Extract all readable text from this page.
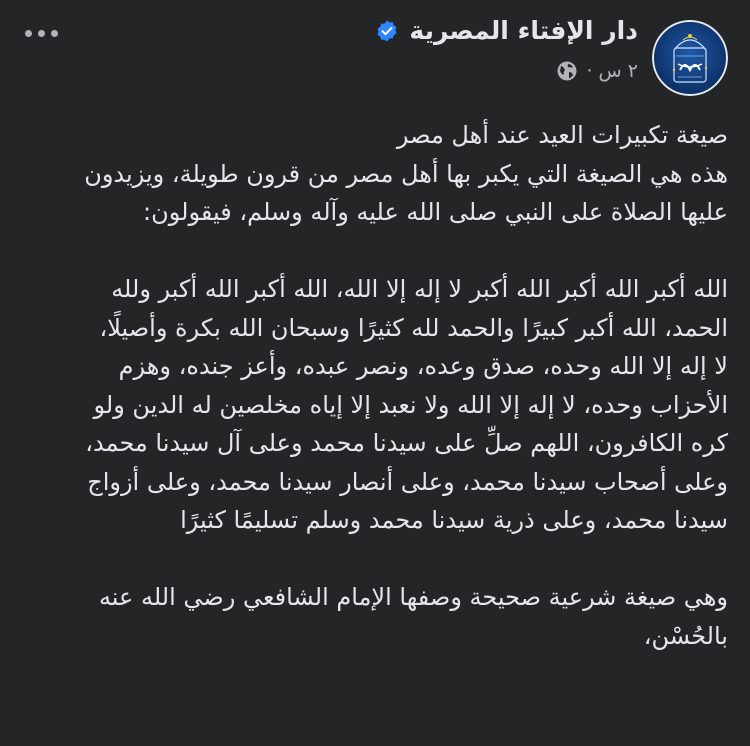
دار الإفتاء المصرية
٢ س ·

صيغة تكبيرات العيد عند أهل مصر

هذه هي الصيغة التي يكبر بها أهل مصر من قرون طويلة، ويزيدون

عليها الصلاة على النبي صلى الله عليه وآله وسلم، فيقولون:

الله أكبر الله أكبر الله أكبر لا إله إلا الله، الله أكبر الله أكبر ولله

الحمد، الله أكبر كبيرًا والحمد لله كثيرًا وسبحان الله بكرة وأصيلًا،

لا إله إلا الله وحده، صدق وعده، ونصر عبده، وأعز جنده، وهزم

الأحزاب وحده، لا إله إلا الله ولا نعبد إلا إياه مخلصين له الدين ولو

كره الكافرون، اللهم صلِّ على سيدنا محمد وعلى آل سيدنا محمد،

وعلى أصحاب سيدنا محمد، وعلى أنصار سيدنا محمد، وعلى أزواج

سيدنا محمد، وعلى ذرية سيدنا محمد وسلم تسليمًا كثيرًا

وهي صيغة شرعية صحيحة وصفها الإمام الشافعي رضي الله عنه

بالحُسْن،
